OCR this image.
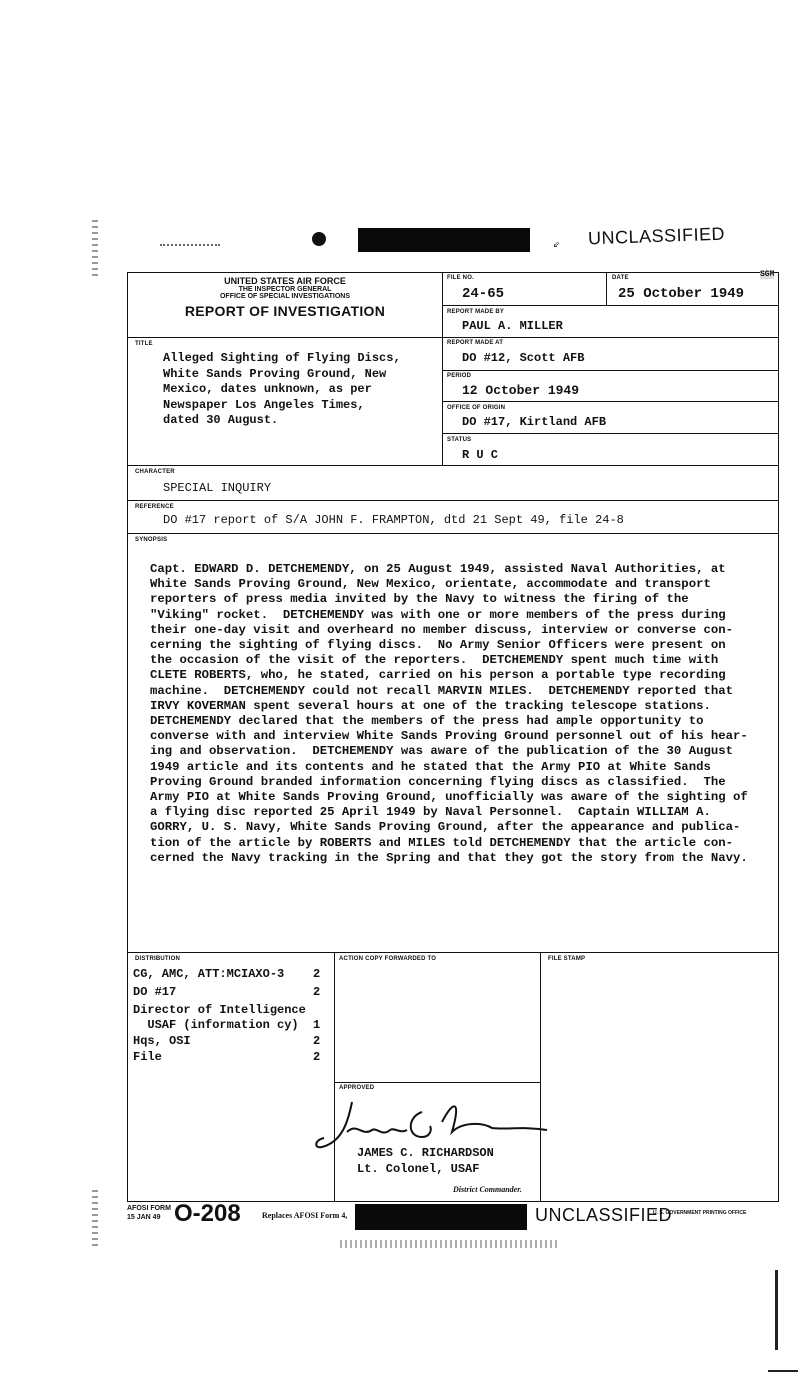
⇙ UNCLASSIFIED
UNITED STATES AIR FORCE
THE INSPECTOR GENERAL
OFFICE OF SPECIAL INVESTIGATIONS
REPORT OF INVESTIGATION
FILE NO.
24-65
DATE
25 October 1949
SGM
REPORT MADE BY
PAUL A. MILLER
TITLE
Alleged Sighting of Flying Discs,
White Sands Proving Ground, New
Mexico, dates unknown, as per
Newspaper Los Angeles Times,
dated 30 August.
REPORT MADE AT
DO #12, Scott AFB
PERIOD
12 October 1949
OFFICE OF ORIGIN
DO #17, Kirtland AFB
STATUS
R U C
CHARACTER
SPECIAL INQUIRY
REFERENCE
DO #17 report of S/A JOHN F. FRAMPTON, dtd 21 Sept 49, file 24-8
SYNOPSIS

Capt. EDWARD D. DETCHEMENDY, on 25 August 1949, assisted Naval Authorities, at

White Sands Proving Ground, New Mexico, orientate, accommodate and transport

reporters of press media invited by the Navy to witness the firing of the

"Viking" rocket.  DETCHEMENDY was with one or more members of the press during

their one-day visit and overheard no member discuss, interview or converse con-

cerning the sighting of flying discs.  No Army Senior Officers were present on

the occasion of the visit of the reporters.  DETCHEMENDY spent much time with

CLETE ROBERTS, who, he stated, carried on his person a portable type recording

machine.  DETCHEMENDY could not recall MARVIN MILES.  DETCHEMENDY reported that

IRVY KOVERMAN spent several hours at one of the tracking telescope stations.

DETCHEMENDY declared that the members of the press had ample opportunity to

converse with and interview White Sands Proving Ground personnel out of his hear-

ing and observation.  DETCHEMENDY was aware of the publication of the 30 August

1949 article and its contents and he stated that the Army PIO at White Sands

Proving Ground branded information concerning flying discs as classified.  The

Army PIO at White Sands Proving Ground, unofficially was aware of the sighting of

a flying disc reported 25 April 1949 by Naval Personnel.  Captain WILLIAM A.

GORRY, U. S. Navy, White Sands Proving Ground, after the appearance and publica-

tion of the article by ROBERTS and MILES told DETCHEMENDY that the article con-

cerned the Navy tracking in the Spring and that they got the story from the Navy.

DISTRIBUTION
CG, AMC, ATT:MCIAXO-3 2
DO #17	2
Director of Intelligence
USAF (information cy) 1
Hqs, OSI	2
File	2
ACTION COPY FORWARDED TO	FILE STAMP
APPROVED
JAMES C. RICHARDSON
Lt. Colonel, USAF
District Commander.
AFOSI FORM
15 JAN 49 O-208	Replaces AFOSI Form 4,	UNCLASSIFIED
U. S. GOVERNMENT PRINTING OFFICE
